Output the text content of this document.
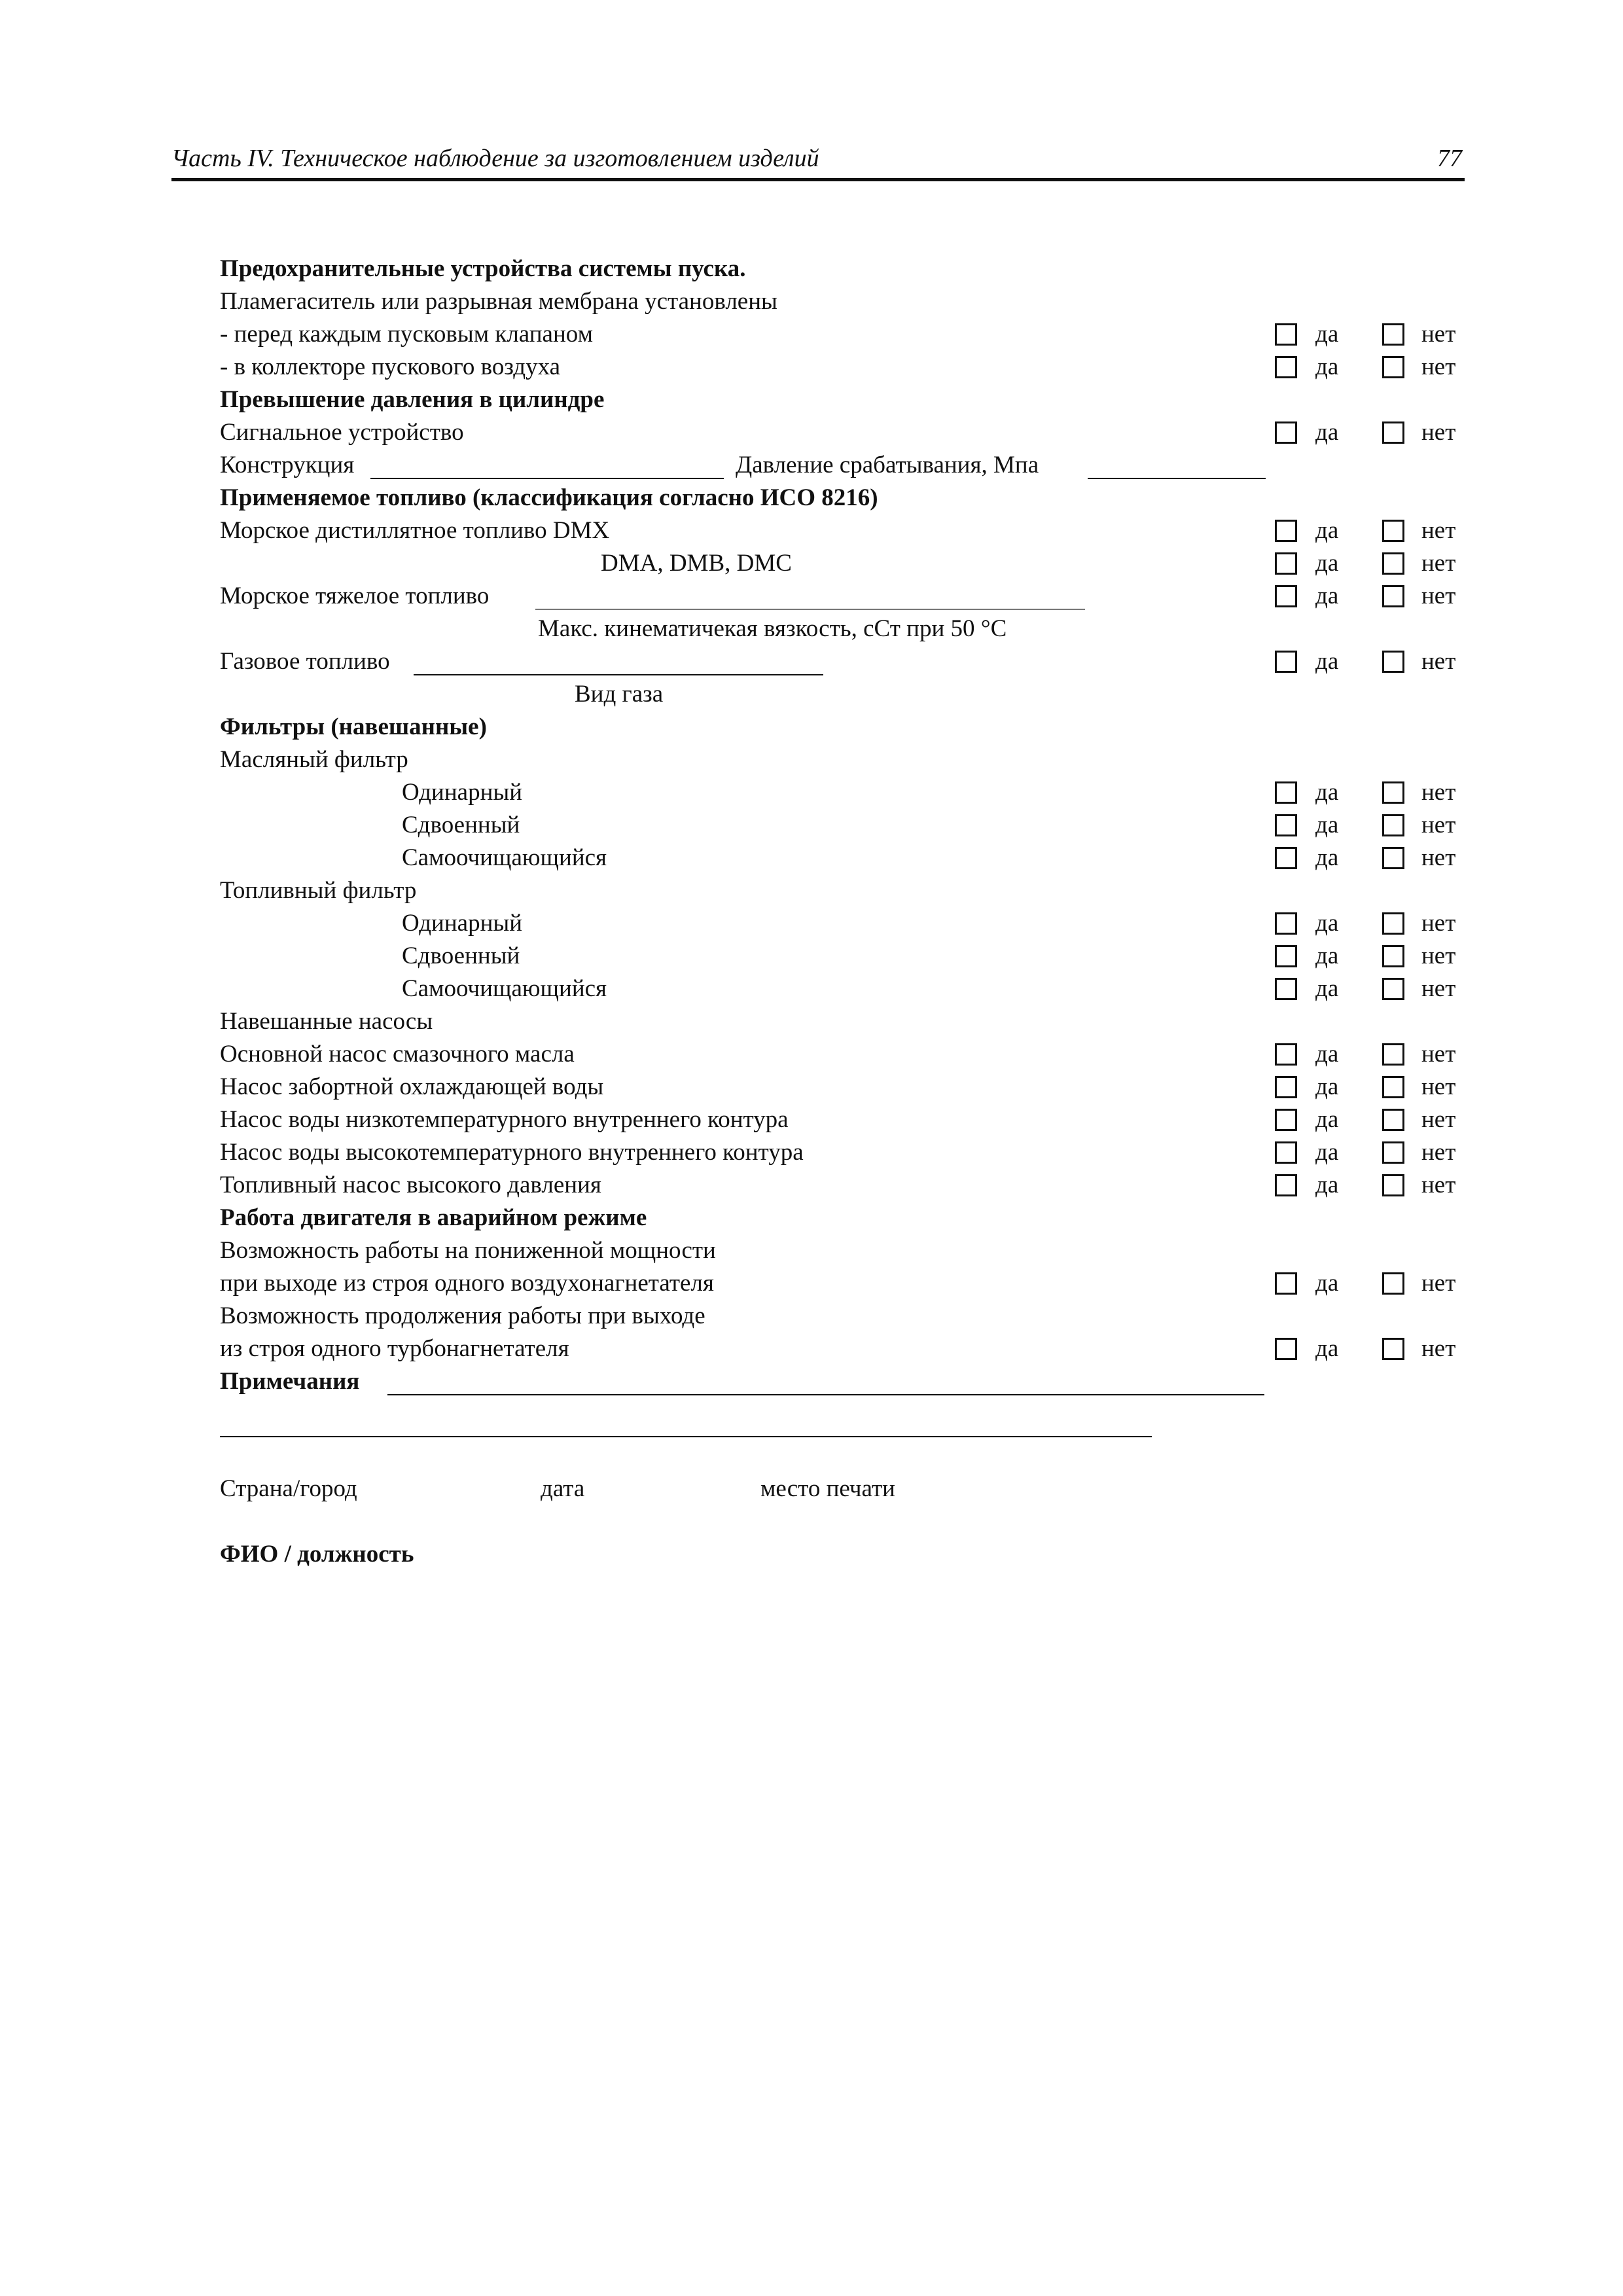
Часть IV. Техническое наблюдение за изготовлением изделий	77
Предохранительные устройства системы пуска.
Пламегаситель или разрывная мембрана установлены
- перед каждым пусковым клапаном	да	нет
- в коллекторе пускового воздуха	да	нет
Превышение давления в цилиндре
Сигнальное устройство	да	нет
Конструкция	Давление срабатывания, Мпа
Применяемое топливо (классификация согласно ИСО 8216)
Морское дистиллятное топливо DMX	да	нет
DMA, DMB, DMC	да	нет
Морское тяжелое топливо	да	нет
Макс. кинематичекая вязкость, сСт при 50 °С
Газовое топливо	да	нет
Вид газа
Фильтры (навешанные)
Масляный фильтр
Одинарный	да	нет
Сдвоенный	да	нет
Самоочищающийся	да	нет
Топливный фильтр
Одинарный	да	нет
Сдвоенный	да	нет
Самоочищающийся	да	нет
Навешанные насосы
Основной насос смазочного масла	да	нет
Насос забортной охлаждающей воды	да	нет
Насос воды низкотемпературного внутреннего контура	да	нет
Насос воды высокотемпературного внутреннего контура	да	нет
Топливный насос высокого давления	да	нет
Работа двигателя в аварийном режиме
Возможность работы на пониженной мощности
при выходе из строя одного воздухонагнетателя	да	нет
Возможность продолжения работы при выходе
из строя одного турбонагнетателя	да	нет
Примечания
Страна/город	дата	место печати
ФИО / должность
